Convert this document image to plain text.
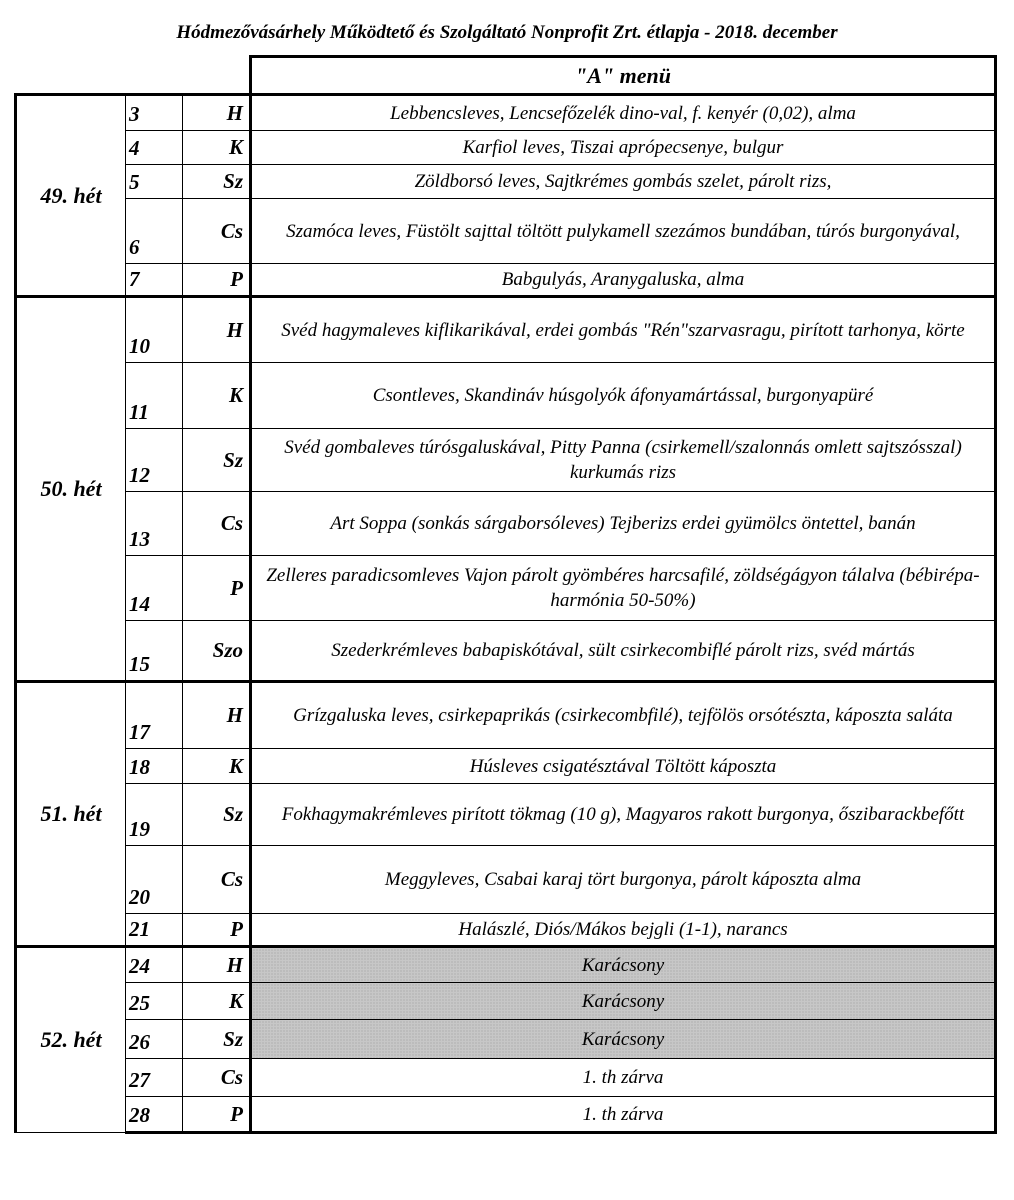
Hódmezővásárhely Működtető és Szolgáltató Nonprofit Zrt. étlapja - 2018. december
			"A" menü
49. hét	3	H	Lebbencsleves, Lencsefőzelék dino-val, f. kenyér (0,02), alma
	4	K	Karfiol leves, Tiszai aprópecsenye, bulgur
	5	Sz	Zöldborsó leves, Sajtkrémes gombás szelet, párolt rizs,
	6	Cs	Szamóca leves, Füstölt sajttal töltött pulykamell szezámos bundában, túrós burgonyával,
	7	P	Babgulyás, Aranygaluska, alma
50. hét	10	H	Svéd hagymaleves kiflikarikával, erdei gombás "Rén"szarvasragu, pirított tarhonya, körte
	11	K	Csontleves, Skandináv húsgolyók áfonyamártással, burgonyapüré
	12	Sz	Svéd gombaleves túrósgaluskával, Pitty Panna (csirkemell/szalonnás omlett sajtszósszal) kurkumás rizs
	13	Cs	Art Soppa (sonkás sárgaborsóleves) Tejberizs erdei gyümölcs öntettel, banán
	14	P	Zelleres paradicsomleves Vajon párolt gyömbéres harcsafilé, zöldségágyon tálalva (bébirépa-harmónia 50-50%)
	15	Szo	Szederkrémleves babapiskótával, sült csirkecombiflé párolt rizs, svéd mártás
51. hét	17	H	Grízgaluska leves, csirkepaprikás (csirkecombfilé), tejfölös orsótészta, káposzta saláta
	18	K	Húsleves csigatésztával Töltött káposzta
	19	Sz	Fokhagymakrémleves pirított tökmag (10 g), Magyaros rakott burgonya, őszibarackbefőtt
	20	Cs	Meggyleves, Csabai karaj tört burgonya, párolt káposzta alma
	21	P	Halászlé, Diós/Mákos bejgli (1-1), narancs
52. hét	24	H	Karácsony
	25	K	Karácsony
	26	Sz	Karácsony
	27	Cs	1. th zárva
	28	P	1. th zárva
